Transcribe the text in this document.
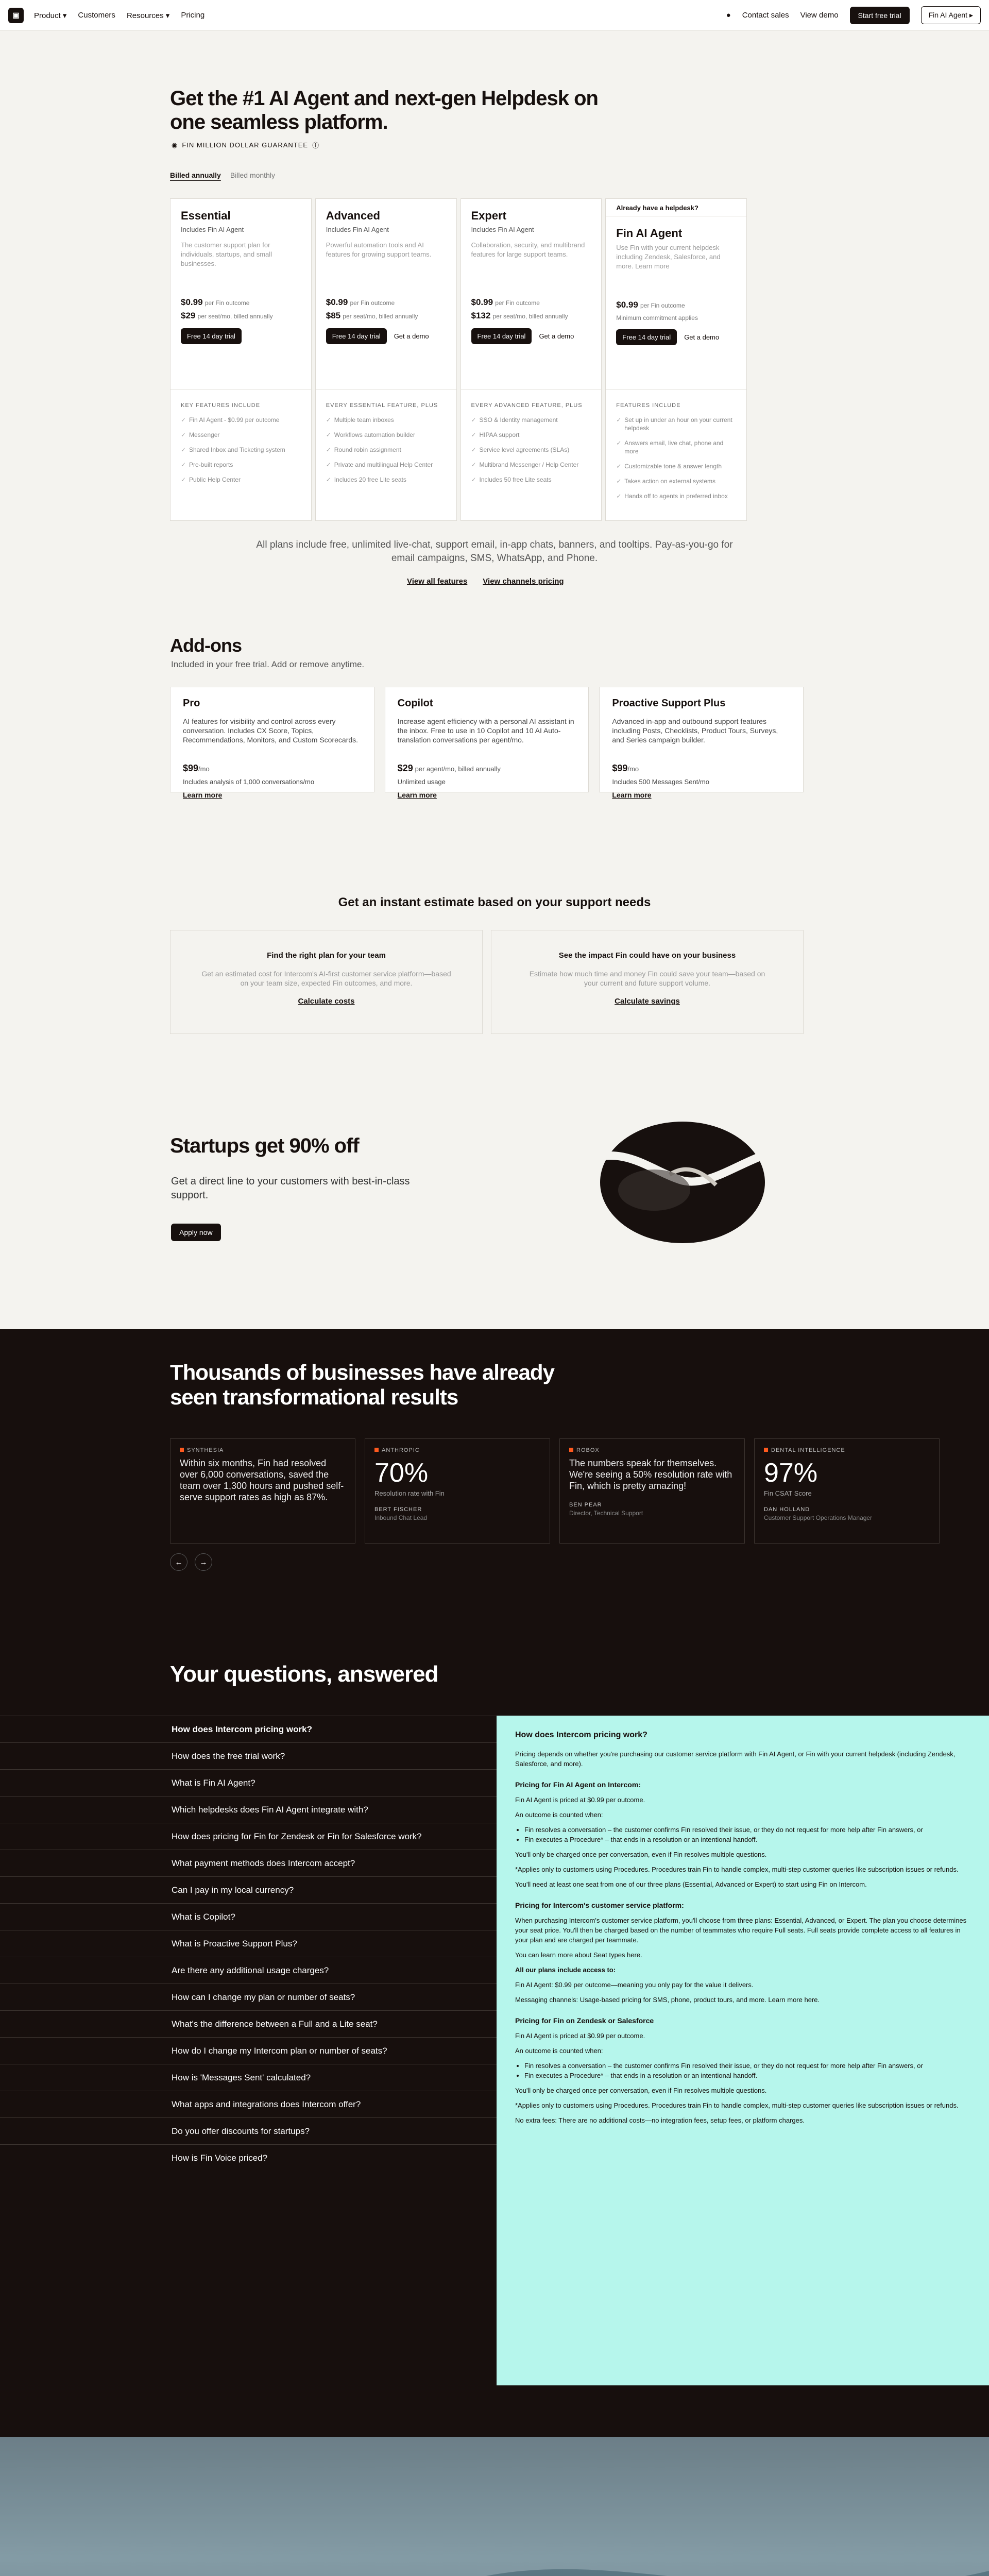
▣	Product ▾ Customers Resources ▾ Pricing	● Contact sales View demo	Start free trial	Fin AI Agent ▸
Get the #1 AI Agent and next-gen Helpdesk on one seamless platform.
◉ FIN MILLION DOLLAR GUARANTEE ⓘ
Billed annually Billed monthly
Essential
Includes Fin AI Agent
The customer support plan for individuals, startups, and small businesses.
$0.99 per Fin outcome
$29 per seat/mo, billed annually
Free 14 day trial
KEY FEATURES INCLUDE
✓ Fin AI Agent - $0.99 per outcome
✓ Messenger
✓ Shared Inbox and Ticketing system
✓ Pre-built reports
✓ Public Help Center
Advanced
Includes Fin AI Agent
Powerful automation tools and AI features for growing support teams.
$0.99 per Fin outcome
$85 per seat/mo, billed annually
Free 14 day trial	Get a demo
EVERY ESSENTIAL FEATURE, PLUS
✓ Multiple team inboxes
✓ Workflows automation builder
✓ Round robin assignment
✓ Private and multilingual Help Center
✓ Includes 20 free Lite seats
Expert
Includes Fin AI Agent
Collaboration, security, and multibrand features for large support teams.
$0.99 per Fin outcome
$132 per seat/mo, billed annually
Free 14 day trial	Get a demo
EVERY ADVANCED FEATURE, PLUS
✓ SSO & Identity management
✓ HIPAA support
✓ Service level agreements (SLAs)
✓ Multibrand Messenger / Help Center
✓ Includes 50 free Lite seats
Already have a helpdesk?
Fin AI Agent
Use Fin with your current helpdesk including Zendesk, Salesforce, and more. Learn more
$0.99 per Fin outcome
Minimum commitment applies
Free 14 day trial	Get a demo
FEATURES INCLUDE
✓ Set up in under an hour on your current helpdesk
✓ Answers email, live chat, phone and more
✓ Customizable tone & answer length
✓ Takes action on external systems
✓ Hands off to agents in preferred inbox
All plans include free, unlimited live-chat, support email, in-app chats, banners, and tooltips. Pay-as-you-go for email campaigns, SMS, WhatsApp, and Phone.
View all features View channels pricing
Add-ons
Included in your free trial. Add or remove anytime.
Pro

AI features for visibility and control across every conversation. Includes CX Score, Topics, Recommendations, Monitors, and Custom Scorecards.

$99/mo
Includes analysis of 1,000 conversations/mo
Learn more
Copilot

Increase agent efficiency with a personal AI assistant in the inbox. Free to use in 10 Copilot and 10 AI Auto-translation conversations per agent/mo.

$29 per agent/mo, billed annually
Unlimited usage
Learn more
Proactive Support Plus

Advanced in-app and outbound support features including Posts, Checklists, Product Tours, Surveys, and Series campaign builder.

$99/mo
Includes 500 Messages Sent/mo
Learn more
Get an instant estimate based on your support needs
Find the right plan for your team

Get an estimated cost for Intercom's AI-first customer service platform—based on your team size, expected Fin outcomes, and more.

Calculate costs
See the impact Fin could have on your business

Estimate how much time and money Fin could save your team—based on your current and future support volume.

Calculate savings
Startups get 90% off
Get a direct line to your customers with best-in-class support.
Apply now
Thousands of businesses have already seen transformational results
SYNTHESIA
Within six months, Fin had resolved over 6,000 conversations, saved the team over 1,300 hours and pushed self-serve support rates as high as 87%.
ANTHROPIC
70%
Resolution rate with Fin
BERT FISCHER
Inbound Chat Lead
ROBOX
The numbers speak for themselves. We're seeing a 50% resolution rate with Fin, which is pretty amazing!
BEN PEAR
Director, Technical Support
DENTAL INTELLIGENCE
97%
Fin CSAT Score
DAN HOLLAND
Customer Support Operations Manager
←	→
Your questions, answered
How does Intercom pricing work?
How does the free trial work?
What is Fin AI Agent?
Which helpdesks does Fin AI Agent integrate with?
How does pricing for Fin for Zendesk or Fin for Salesforce work?
What payment methods does Intercom accept?
Can I pay in my local currency?
What is Copilot?
What is Proactive Support Plus?
Are there any additional usage charges?
How can I change my plan or number of seats?
What's the difference between a Full and a Lite seat?
How do I change my Intercom plan or number of seats?
How is 'Messages Sent' calculated?
What apps and integrations does Intercom offer?
Do you offer discounts for startups?
How is Fin Voice priced?
How does Intercom pricing work?

Pricing depends on whether you're purchasing our customer service platform with Fin AI Agent, or Fin with your current helpdesk (including Zendesk, Salesforce, and more).

Pricing for Fin AI Agent on Intercom:

Fin AI Agent is priced at $0.99 per outcome.

An outcome is counted when:

• Fin resolves a conversation – the customer confirms Fin resolved their issue, or they do not request for more help after Fin answers, or
• Fin executes a Procedure* – that ends in a resolution or an intentional handoff.

You'll only be charged once per conversation, even if Fin resolves multiple questions.

*Applies only to customers using Procedures. Procedures train Fin to handle complex, multi-step customer queries like subscription issues or refunds.

You'll need at least one seat from one of our three plans (Essential, Advanced or Expert) to start using Fin on Intercom.

Pricing for Intercom's customer service platform:

When purchasing Intercom's customer service platform, you'll choose from three plans: Essential, Advanced, or Expert. The plan you choose determines your seat price. You'll then be charged based on the number of teammates who require Full seats. Full seats provide complete access to all features in your plan and are charged per teammate.

You can learn more about Seat types here.

All our plans include access to:

Fin AI Agent: $0.99 per outcome—meaning you only pay for the value it delivers.

Messaging channels: Usage-based pricing for SMS, phone, product tours, and more. Learn more here.

Pricing for Fin on Zendesk or Salesforce

Fin AI Agent is priced at $0.99 per outcome.

An outcome is counted when:

• Fin resolves a conversation – the customer confirms Fin resolved their issue, or they do not request for more help after Fin answers, or
• Fin executes a Procedure* – that ends in a resolution or an intentional handoff.

You'll only be charged once per conversation, even if Fin resolves multiple questions.

*Applies only to customers using Procedures. Procedures train Fin to handle complex, multi-step customer queries like subscription issues or refunds.

No extra fees: There are no additional costs—no integration fees, setup fees, or platform charges.
